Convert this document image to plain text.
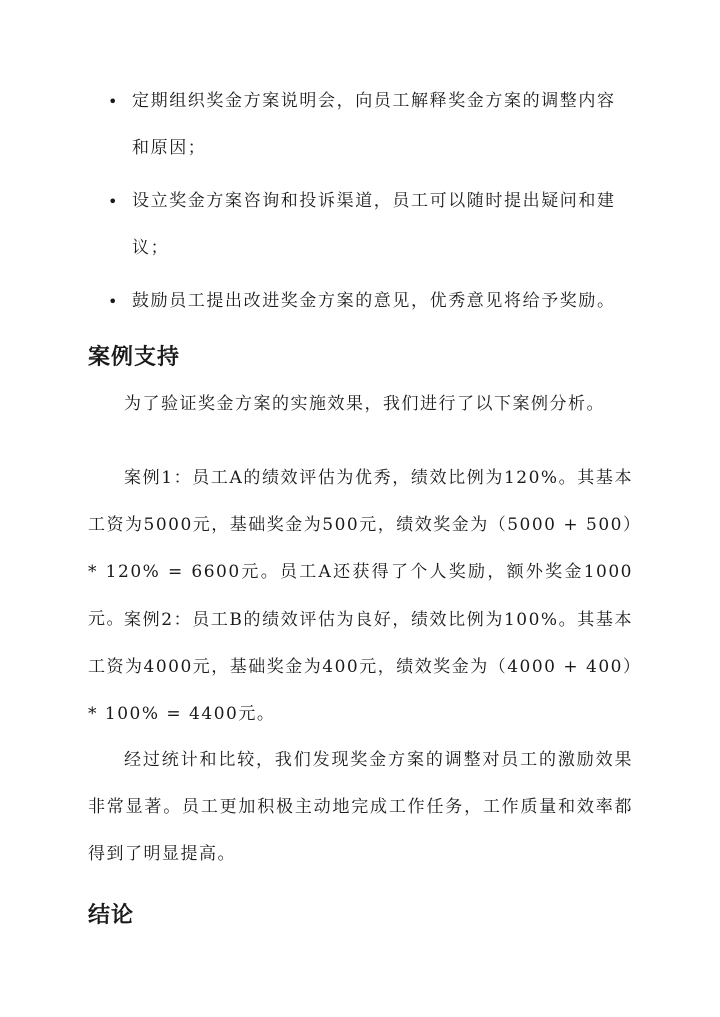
• 定期组织奖金方案说明会，向员工解释奖金方案的调整内容和原因；
• 设立奖金方案咨询和投诉渠道，员工可以随时提出疑问和建议；
• 鼓励员工提出改进奖金方案的意见，优秀意见将给予奖励。
案例支持

为了验证奖金方案的实施效果，我们进行了以下案例分析。

案例1：员工A的绩效评估为优秀，绩效比例为120%。其基本工资为5000元，基础奖金为500元，绩效奖金为（5000 + 500）* 120% = 6600元。员工A还获得了个人奖励，额外奖金1000元。 案例2：员工B的绩效评估为良好，绩效比例为100%。其基本工资为4000元，基础奖金为400元，绩效奖金为（4000 + 400）* 100% = 4400元。

经过统计和比较，我们发现奖金方案的调整对员工的激励效果非常显著。员工更加积极主动地完成工作任务，工作质量和效率都得到了明显提高。

结论
